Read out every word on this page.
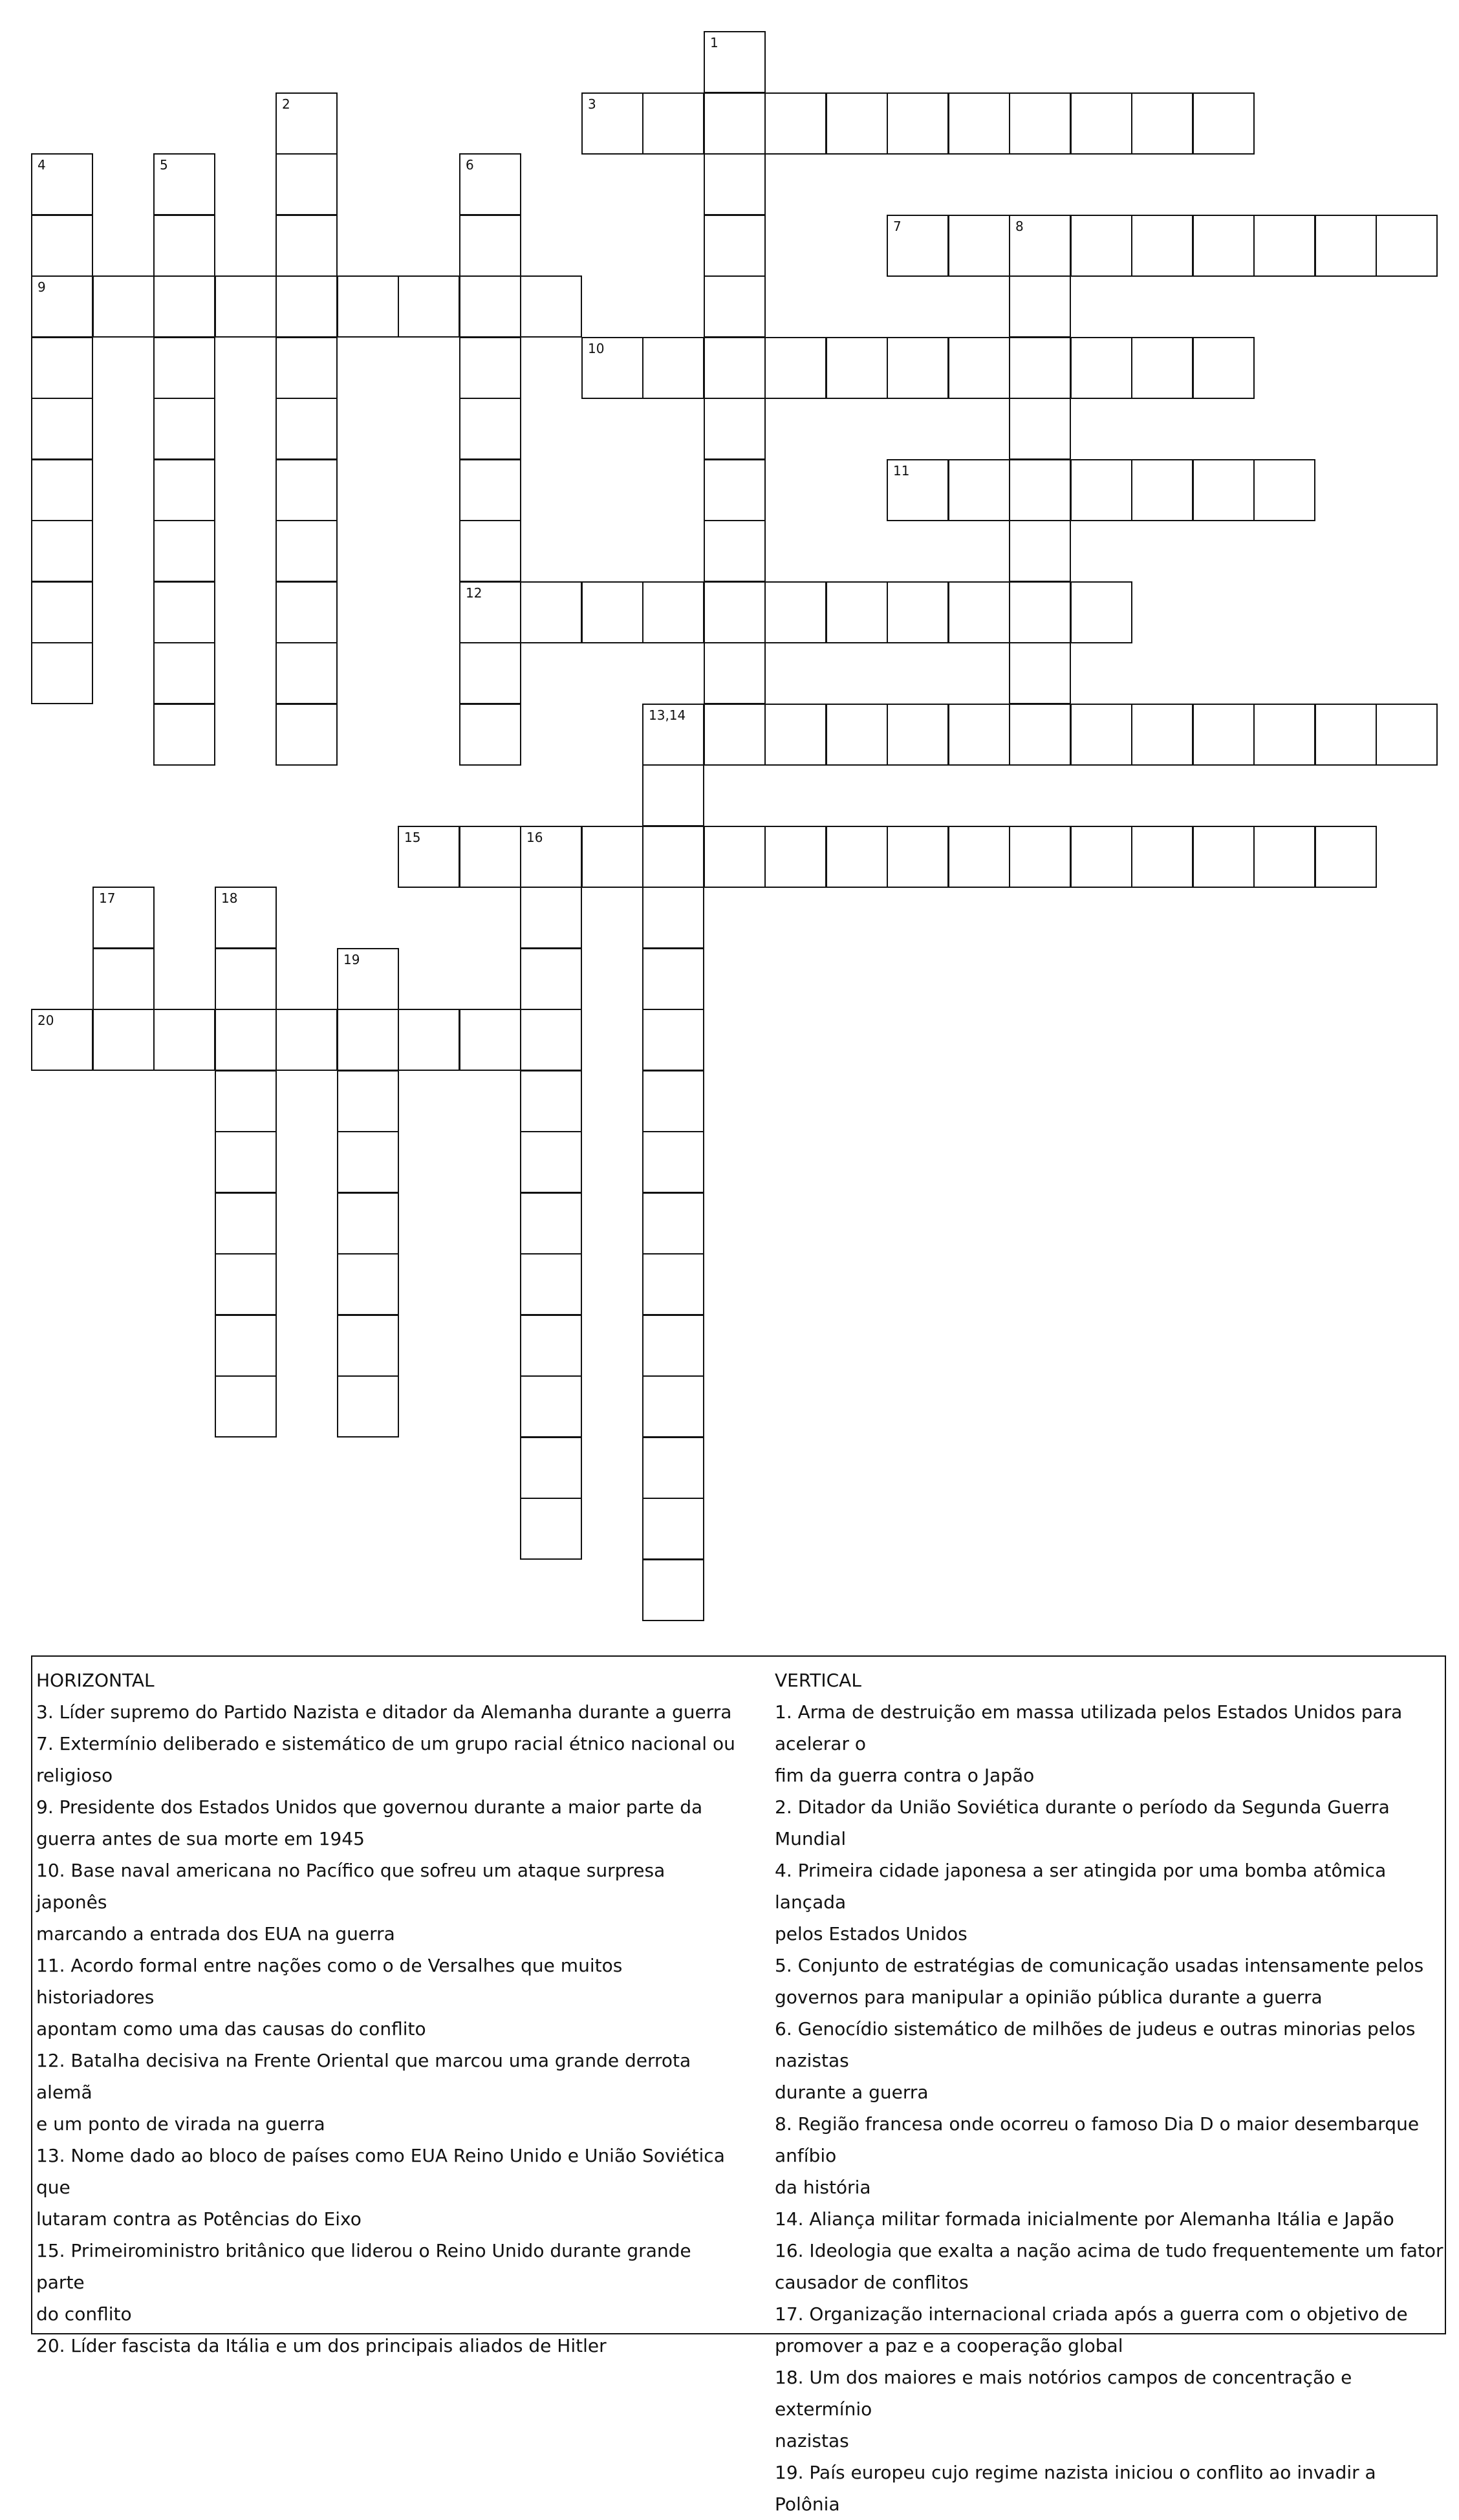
1
2	3
4
9
5	6
12
7	8
10
11
13,14
15	16
17	18
19
20
HORIZONTAL
3. Líder supremo do Partido Nazista e ditador da Alemanha durante a guerra
7. Extermínio deliberado e sistemático de um grupo racial étnico nacional ou
religioso
9. Presidente dos Estados Unidos que governou durante a maior parte da
guerra antes de sua morte em 1945
10. Base naval americana no Pacífico que sofreu um ataque surpresa japonês
marcando a entrada dos EUA na guerra
11. Acordo formal entre nações como o de Versalhes que muitos historiadores
apontam como uma das causas do conflito
12. Batalha decisiva na Frente Oriental que marcou uma grande derrota alemã
e um ponto de virada na guerra
13. Nome dado ao bloco de países como EUA Reino Unido e União Soviética que
lutaram contra as Potências do Eixo
15. Primeiroministro britânico que liderou o Reino Unido durante grande parte
do conflito
20. Líder fascista da Itália e um dos principais aliados de Hitler
VERTICAL
1. Arma de destruição em massa utilizada pelos Estados Unidos para acelerar o
fim da guerra contra o Japão
2. Ditador da União Soviética durante o período da Segunda Guerra Mundial
4. Primeira cidade japonesa a ser atingida por uma bomba atômica lançada
pelos Estados Unidos
5. Conjunto de estratégias de comunicação usadas intensamente pelos
governos para manipular a opinião pública durante a guerra
6. Genocídio sistemático de milhões de judeus e outras minorias pelos nazistas
durante a guerra
8. Região francesa onde ocorreu o famoso Dia D o maior desembarque anfíbio
da história
14. Aliança militar formada inicialmente por Alemanha Itália e Japão
16. Ideologia que exalta a nação acima de tudo frequentemente um fator
causador de conflitos
17. Organização internacional criada após a guerra com o objetivo de
promover a paz e a cooperação global
18. Um dos maiores e mais notórios campos de concentração e extermínio
nazistas
19. País europeu cujo regime nazista iniciou o conflito ao invadir a Polônia
